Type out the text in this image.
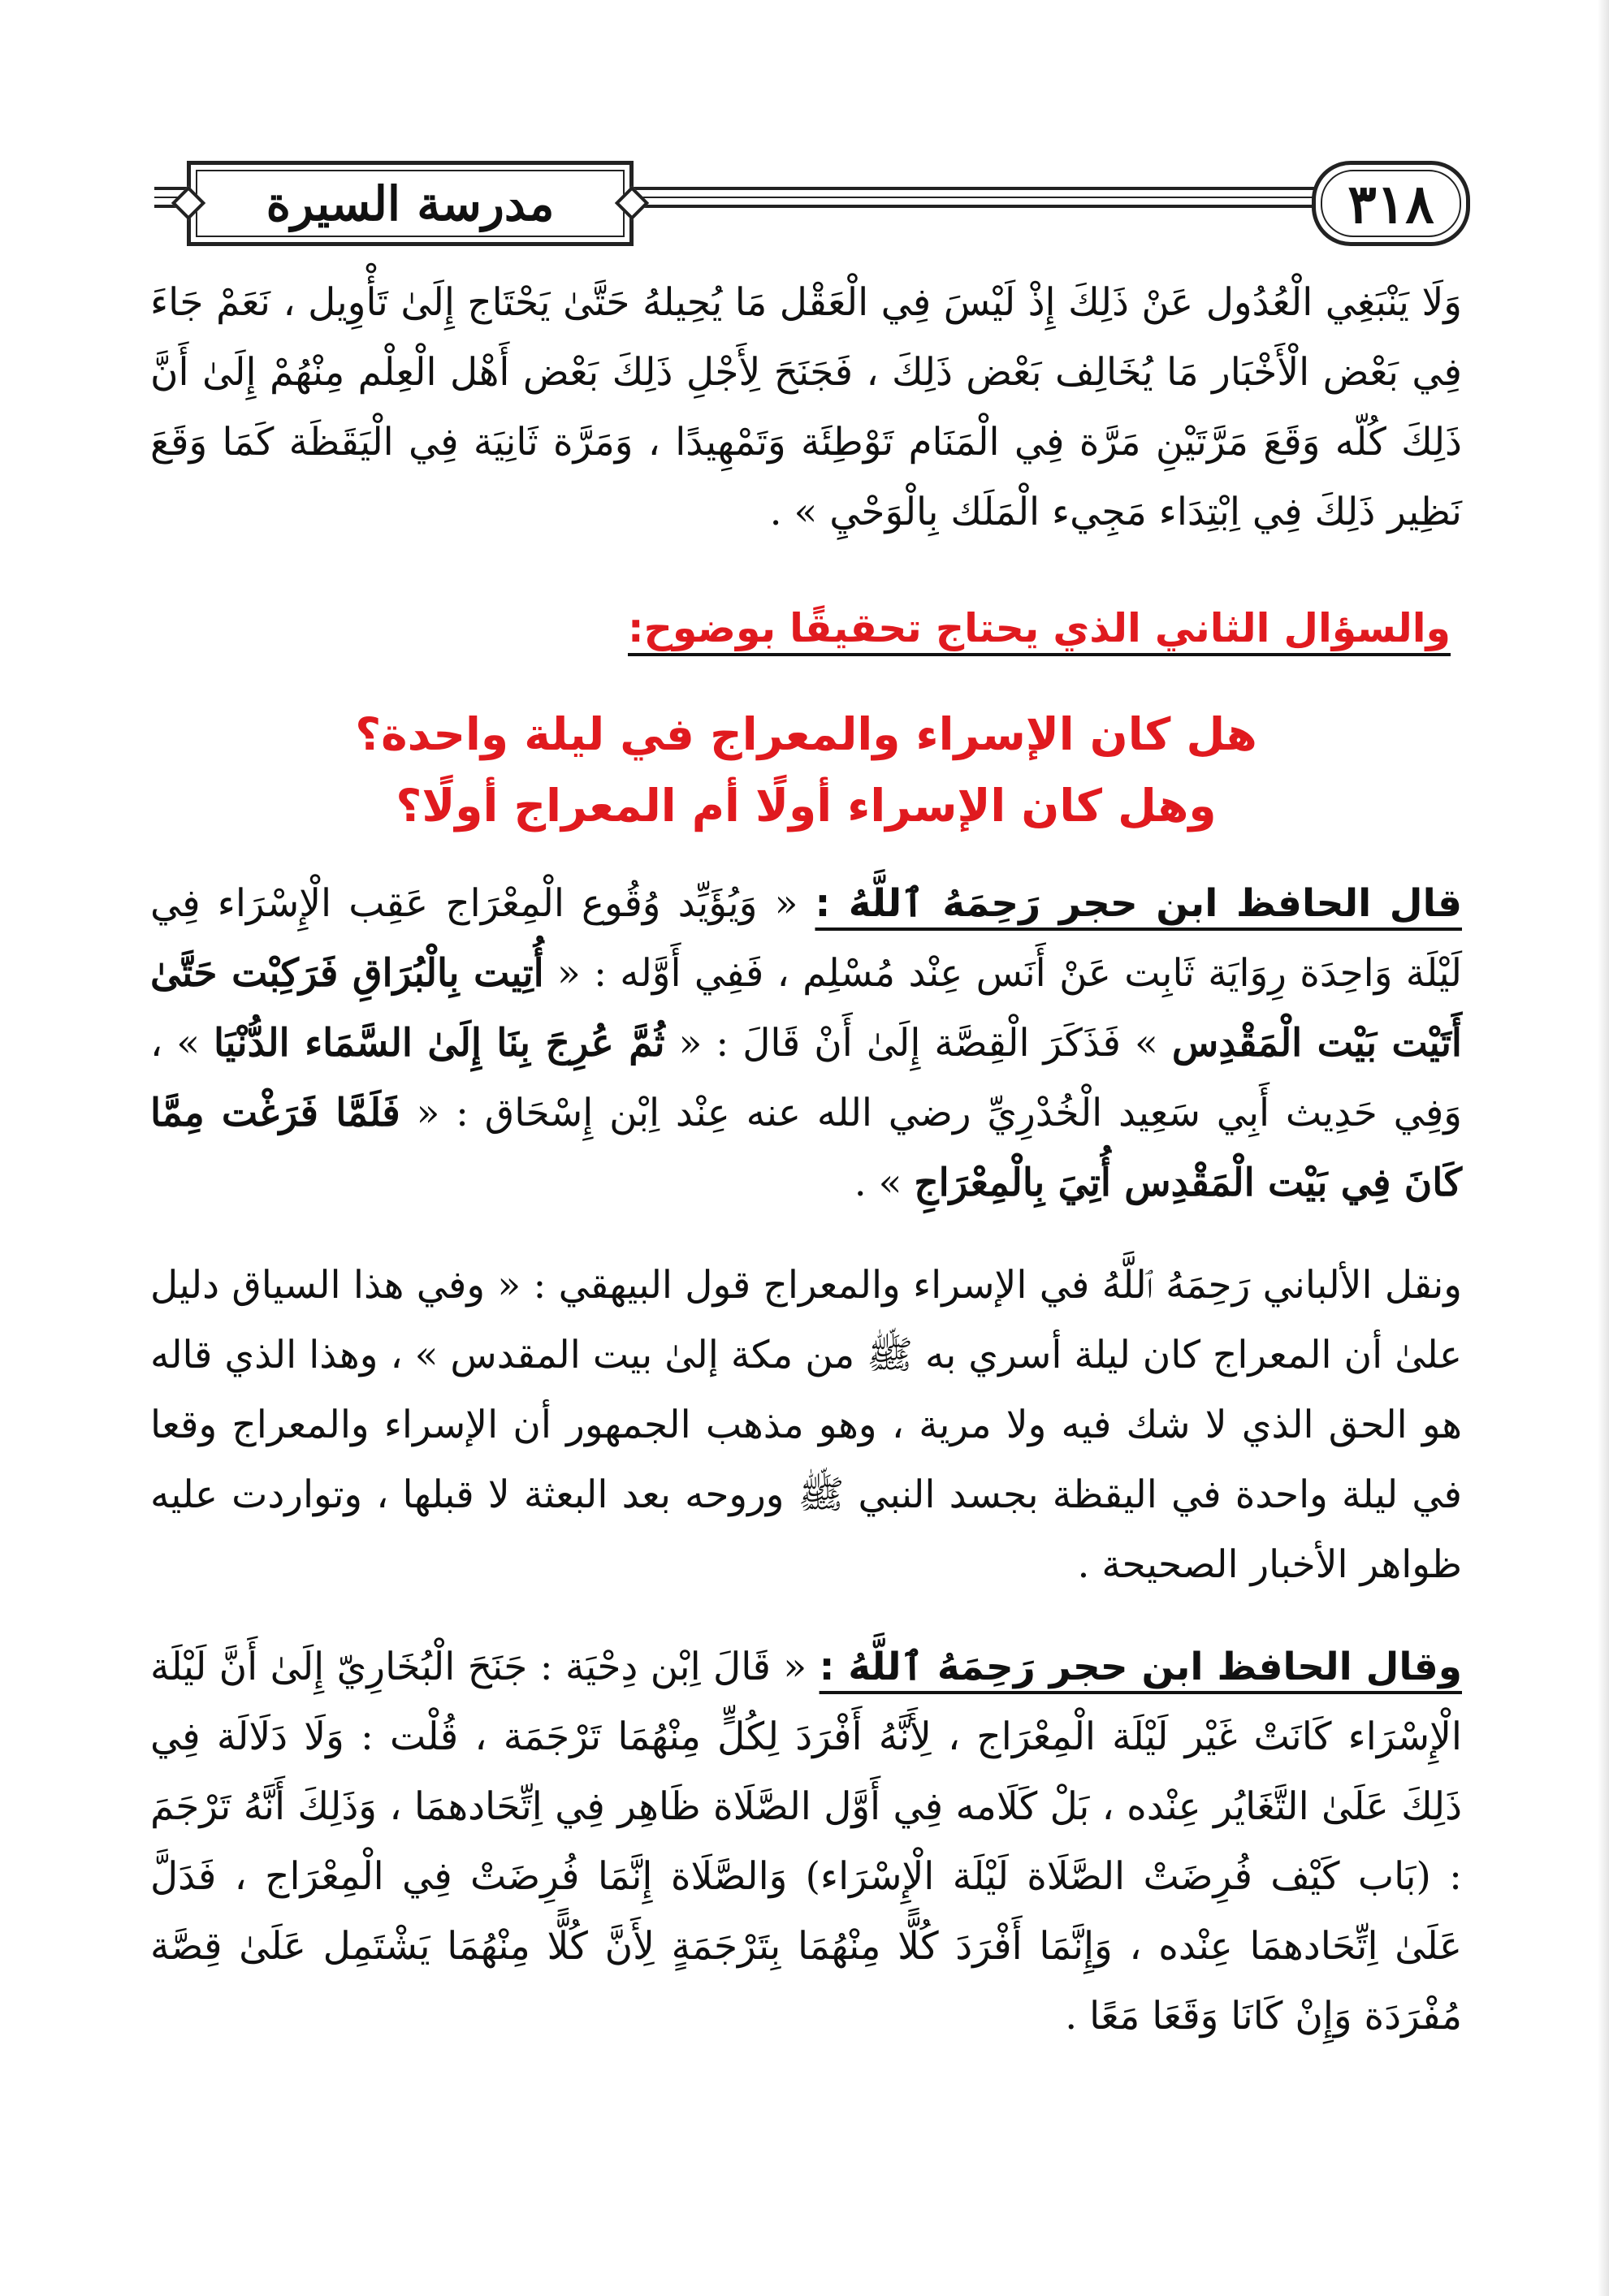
مدرسة السيرة	٣١٨

وَلَا يَنْبَغِي الْعُدُول عَنْ ذَلِكَ إِذْ لَيْسَ فِي الْعَقْل مَا يُحِيلهُ حَتَّىٰ يَحْتَاج إِلَىٰ تَأْوِيل ، نَعَمْ جَاءَ فِي بَعْض الْأَخْبَار مَا يُخَالِف بَعْض ذَلِكَ ، فَجَنَحَ لِأَجْلِ ذَلِكَ بَعْض أَهْل الْعِلْم مِنْهُمْ إِلَىٰ أَنَّ ذَلِكَ كُلّه وَقَعَ مَرَّتَيْنِ مَرَّة فِي الْمَنَام تَوْطِئَة وَتَمْهِيدًا ، وَمَرَّة ثَانِيَة فِي الْيَقَظَة كَمَا وَقَعَ نَظِير ذَلِكَ فِي اِبْتِدَاء مَجِيء الْمَلَك بِالْوَحْيِ » .

والسؤال الثاني الذي يحتاج تحقيقًا بوضوح:
هل كان الإسراء والمعراج في ليلة واحدة؟
وهل كان الإسراء أولًا أم المعراج أولًا؟

قال الحافظ ابن حجر رَحِمَهُ ٱللَّهُ : « وَيُؤَيِّد وُقُوع الْمِعْرَاج عَقِب الْإِسْرَاء فِي لَيْلَة وَاحِدَة رِوَايَة ثَابِت عَنْ أَنَس عِنْد مُسْلِم ، فَفِي أَوَّله : « أُتِيت بِالْبُرَاقِ فَرَكِبْت حَتَّىٰ أَتَيْت بَيْت الْمَقْدِس » فَذَكَرَ الْقِصَّة إِلَىٰ أَنْ قَالَ : « ثُمَّ عُرِجَ بِنَا إِلَىٰ السَّمَاء الدُّنْيَا » ، وَفِي حَدِيث أَبِي سَعِيد الْخُدْرِيِّ رضي الله عنه عِنْد اِبْن إِسْحَاق : « فَلَمَّا فَرَغْت مِمَّا كَانَ فِي بَيْت الْمَقْدِس أُتِيَ بِالْمِعْرَاجِ » .

ونقل الألباني رَحِمَهُ ٱللَّهُ في الإسراء والمعراج قول البيهقي : « وفي هذا السياق دليل علىٰ أن المعراج كان ليلة أسري به ﷺ من مكة إلىٰ بيت المقدس » ، وهذا الذي قاله هو الحق الذي لا شك فيه ولا مرية ، وهو مذهب الجمهور أن الإسراء والمعراج وقعا في ليلة واحدة في اليقظة بجسد النبي ﷺ وروحه بعد البعثة لا قبلها ، وتواردت عليه ظواهر الأخبار الصحيحة .

وقال الحافظ ابن حجر رَحِمَهُ ٱللَّهُ : « قَالَ اِبْن دِحْيَة : جَنَحَ الْبُخَارِيّ إِلَىٰ أَنَّ لَيْلَة الْإِسْرَاء كَانَتْ غَيْر لَيْلَة الْمِعْرَاج ، لِأَنَّهُ أَفْرَدَ لِكُلٍّ مِنْهُمَا تَرْجَمَة ، قُلْت : وَلَا دَلَالَة فِي ذَلِكَ عَلَىٰ التَّغَايُر عِنْده ، بَلْ كَلَامه فِي أَوَّل الصَّلَاة ظَاهِر فِي اِتِّحَادهمَا ، وَذَلِكَ أَنَّهُ تَرْجَمَ : (بَاب كَيْف فُرِضَتْ الصَّلَاة لَيْلَة الْإِسْرَاء) وَالصَّلَاة إِنَّمَا فُرِضَتْ فِي الْمِعْرَاج ، فَدَلَّ عَلَىٰ اِتِّحَادهمَا عِنْده ، وَإِنَّمَا أَفْرَدَ كُلًّا مِنْهُمَا بِتَرْجَمَةٍ لِأَنَّ كُلًّا مِنْهُمَا يَشْتَمِل عَلَىٰ قِصَّة مُفْرَدَة وَإِنْ كَانَا وَقَعَا مَعًا .
